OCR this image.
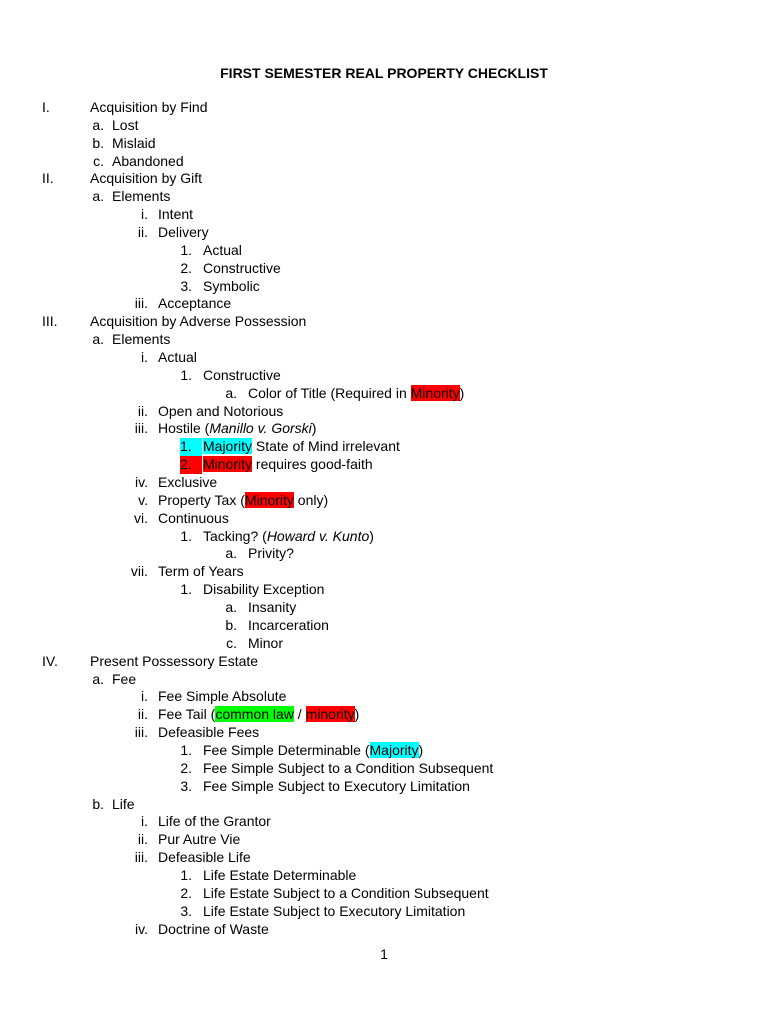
FIRST SEMESTER REAL PROPERTY CHECKLIST
I.	Acquisition by Find
a. Lost
b. Mislaid
c. Abandoned
II.	Acquisition by Gift
a. Elements
i. Intent
ii. Delivery
1. Actual
2. Constructive
3. Symbolic
iii. Acceptance
III. Acquisition by Adverse Possession
a. Elements
i. Actual
1. Constructive
a. Color of Title (Required in Minority)
ii. Open and Notorious
iii. Hostile (Manillo v. Gorski)
1. Majority State of Mind irrelevant
2. Minority requires good-faith
iv. Exclusive
v. Property Tax (Minority only)
vi. Continuous
1. Tacking? (Howard v. Kunto)
a. Privity?
vii. Term of Years
1. Disability Exception
a. Insanity
b. Incarceration
c. Minor
IV. Present Possessory Estate
a. Fee
i. Fee Simple Absolute
ii. Fee Tail (common law / minority)
iii. Defeasible Fees
1. Fee Simple Determinable (Majority)
2. Fee Simple Subject to a Condition Subsequent
3. Fee Simple Subject to Executory Limitation
b. Life
i. Life of the Grantor
ii. Pur Autre Vie
iii. Defeasible Life
1. Life Estate Determinable
2. Life Estate Subject to a Condition Subsequent
3. Life Estate Subject to Executory Limitation
iv. Doctrine of Waste
1
